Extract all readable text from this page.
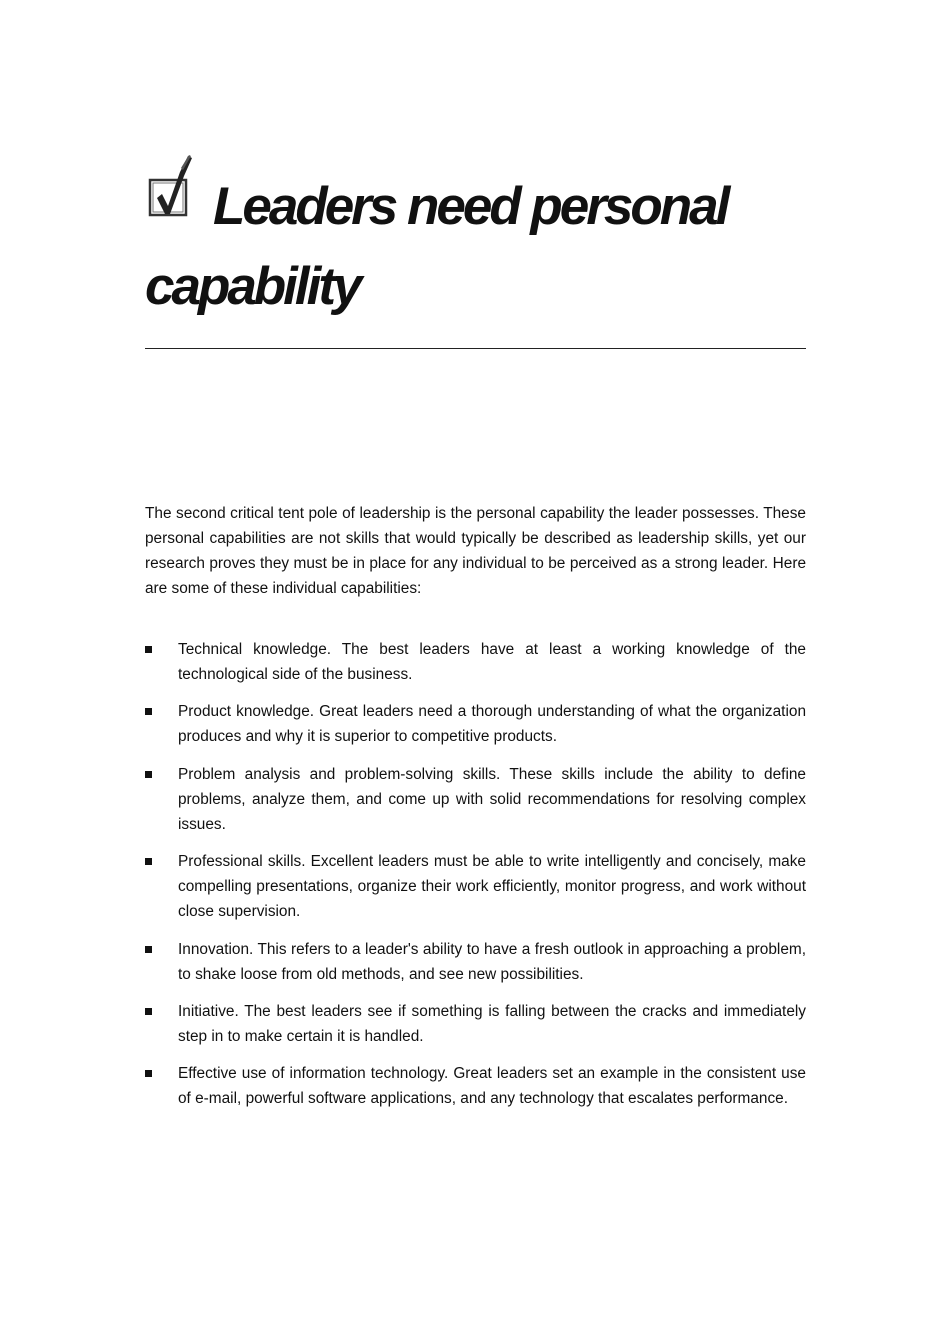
Leaders need personal capability

The second critical tent pole of leadership is the personal capability the leader possesses. These personal capabilities are not skills that would typically be described as leadership skills, yet our research proves they must be in place for any individual to be perceived as a strong leader. Here are some of these individual capabilities:

Technical knowledge. The best leaders have at least a working knowledge of the technological side of the business.
Product knowledge. Great leaders need a thorough understanding of what the organization produces and why it is superior to competitive products.
Problem analysis and problem-solving skills. These skills include the ability to define problems, analyze them, and come up with solid recommendations for resolving complex issues.
Professional skills. Excellent leaders must be able to write intelligently and concisely, make compelling presentations, organize their work efficiently, monitor progress, and work without close supervision.
Innovation. This refers to a leader's ability to have a fresh outlook in approaching a problem, to shake loose from old methods, and see new possibilities.
Initiative. The best leaders see if something is falling between the cracks and immediately step in to make certain it is handled.
Effective use of information technology. Great leaders set an example in the consistent use of e-mail, powerful software applications, and any technology that escalates performance.
